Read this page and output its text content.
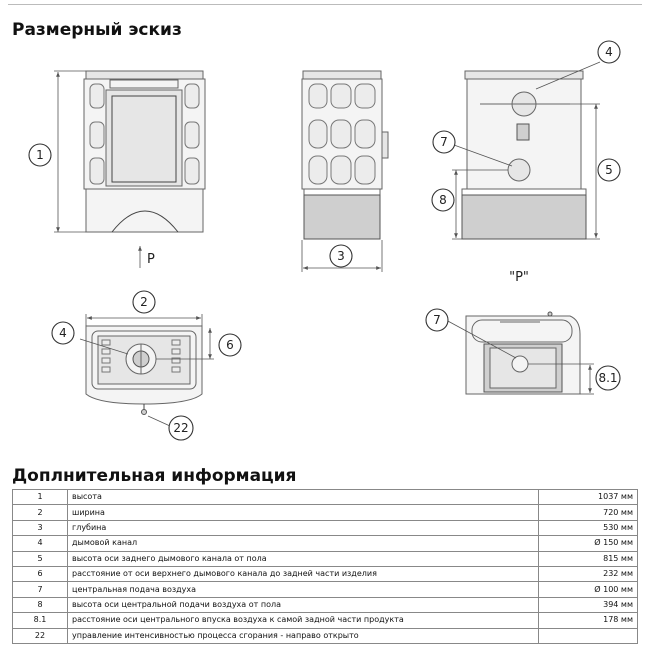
Размерный эскиз
P
"P"
1
2
3
4
4
5
6
7
7
8
8.1
22
Доплнительная информация
1	высота	1037 мм
2	ширина	720 мм
3	глубина	530 мм
4	дымовой канал	Ø 150 мм
5	высота оси заднего дымового канала от пола	815 мм
6	расстояние от оси верхнего дымового канала до задней части изделия	232 мм
7	центральная подача воздуха	Ø 100 мм
8	высота оси центральной подачи воздуха от пола	394 мм
8.1	расстояние оси центрального впуска воздуха к самой задной части продукта	178 мм
22	управление интенсивностью процесса сгорания - направо открыто	
